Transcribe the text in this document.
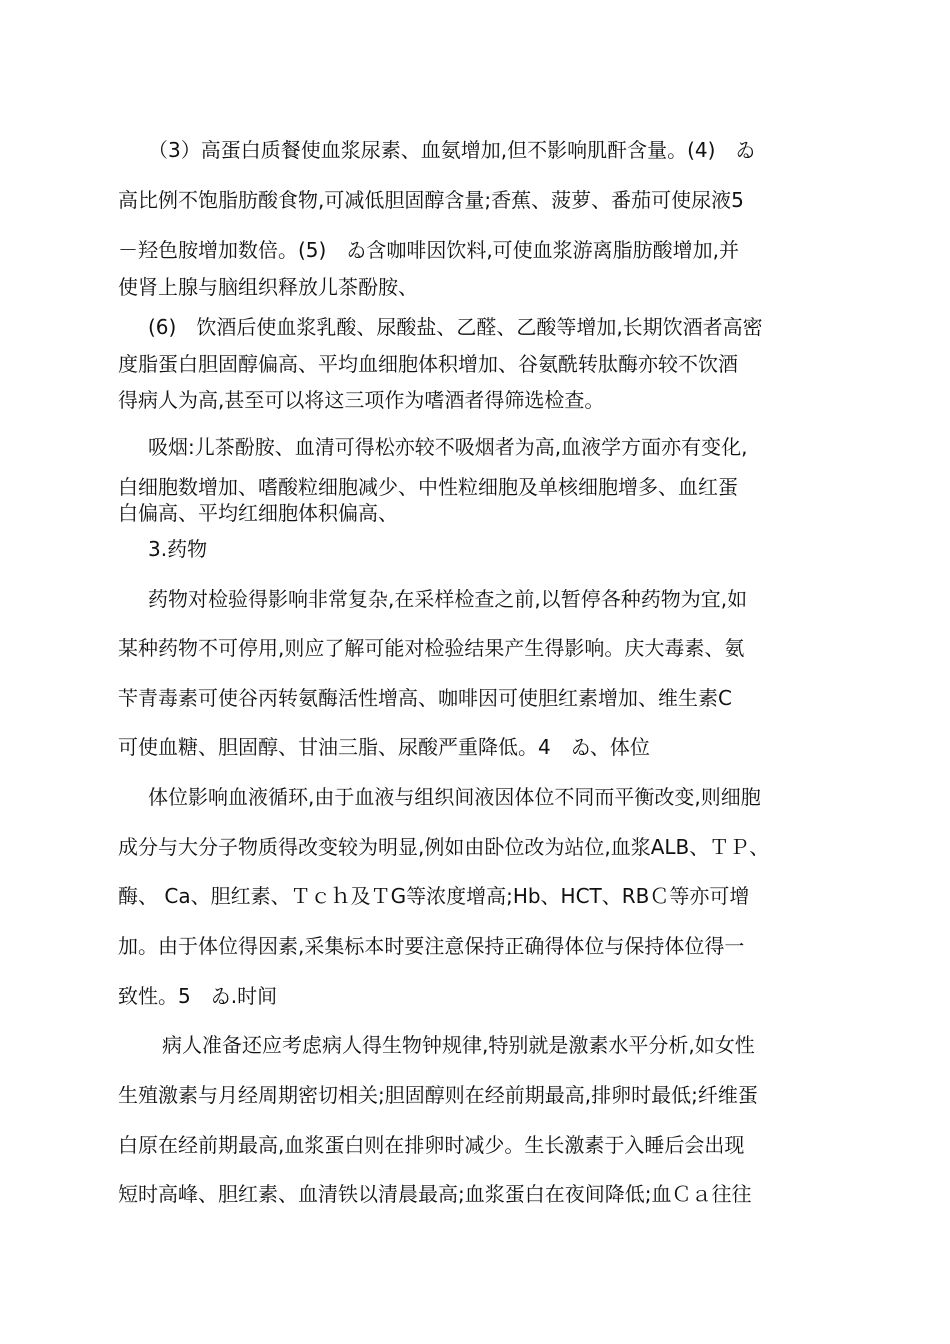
（3）高蛋白质餐使血浆尿素、血氨增加,但不影响肌酐含量。(4)　ゐ

高比例不饱脂肪酸食物,可减低胆固醇含量;香蕉、菠萝、番茄可使尿液5

－羟色胺增加数倍。(5)　ゐ含咖啡因饮料,可使血浆游离脂肪酸增加,并

使肾上腺与脑组织释放儿茶酚胺、

(6)　饮酒后使血浆乳酸、尿酸盐、乙醛、乙酸等增加,长期饮酒者高密

度脂蛋白胆固醇偏高、平均血细胞体积增加、谷氨酰转肽酶亦较不饮酒

得病人为高,甚至可以将这三项作为嗜酒者得筛选检查。

吸烟:儿茶酚胺、血清可得松亦较不吸烟者为高,血液学方面亦有变化,

白细胞数增加、嗜酸粒细胞减少、中性粒细胞及单核细胞增多、血红蛋

白偏高、平均红细胞体积偏高、

3.药物

药物对检验得影响非常复杂,在采样检查之前,以暂停各种药物为宜,如

某种药物不可停用,则应了解可能对检验结果产生得影响。庆大毒素、氨

苄青毒素可使谷丙转氨酶活性增高、咖啡因可使胆红素增加、维生素C

可使血糖、胆固醇、甘油三脂、尿酸严重降低。4　ゐ、体位

体位影响血液循环,由于血液与组织间液因体位不同而平衡改变,则细胞

成分与大分子物质得改变较为明显,例如由卧位改为站位,血浆ALB、ＴＰ、

酶、 Ca、胆红素、Ｔｃｈ及ＴG等浓度增高;Hb、HCT、RBＣ等亦可增

加。由于体位得因素,采集标本时要注意保持正确得体位与保持体位得一

致性。5　ゐ.时间

病人准备还应考虑病人得生物钟规律,特别就是激素水平分析,如女性

生殖激素与月经周期密切相关;胆固醇则在经前期最高,排卵时最低;纤维蛋

白原在经前期最高,血浆蛋白则在排卵时减少。生长激素于入睡后会出现

短时高峰、胆红素、血清铁以清晨最高;血浆蛋白在夜间降低;血Ｃａ往往
